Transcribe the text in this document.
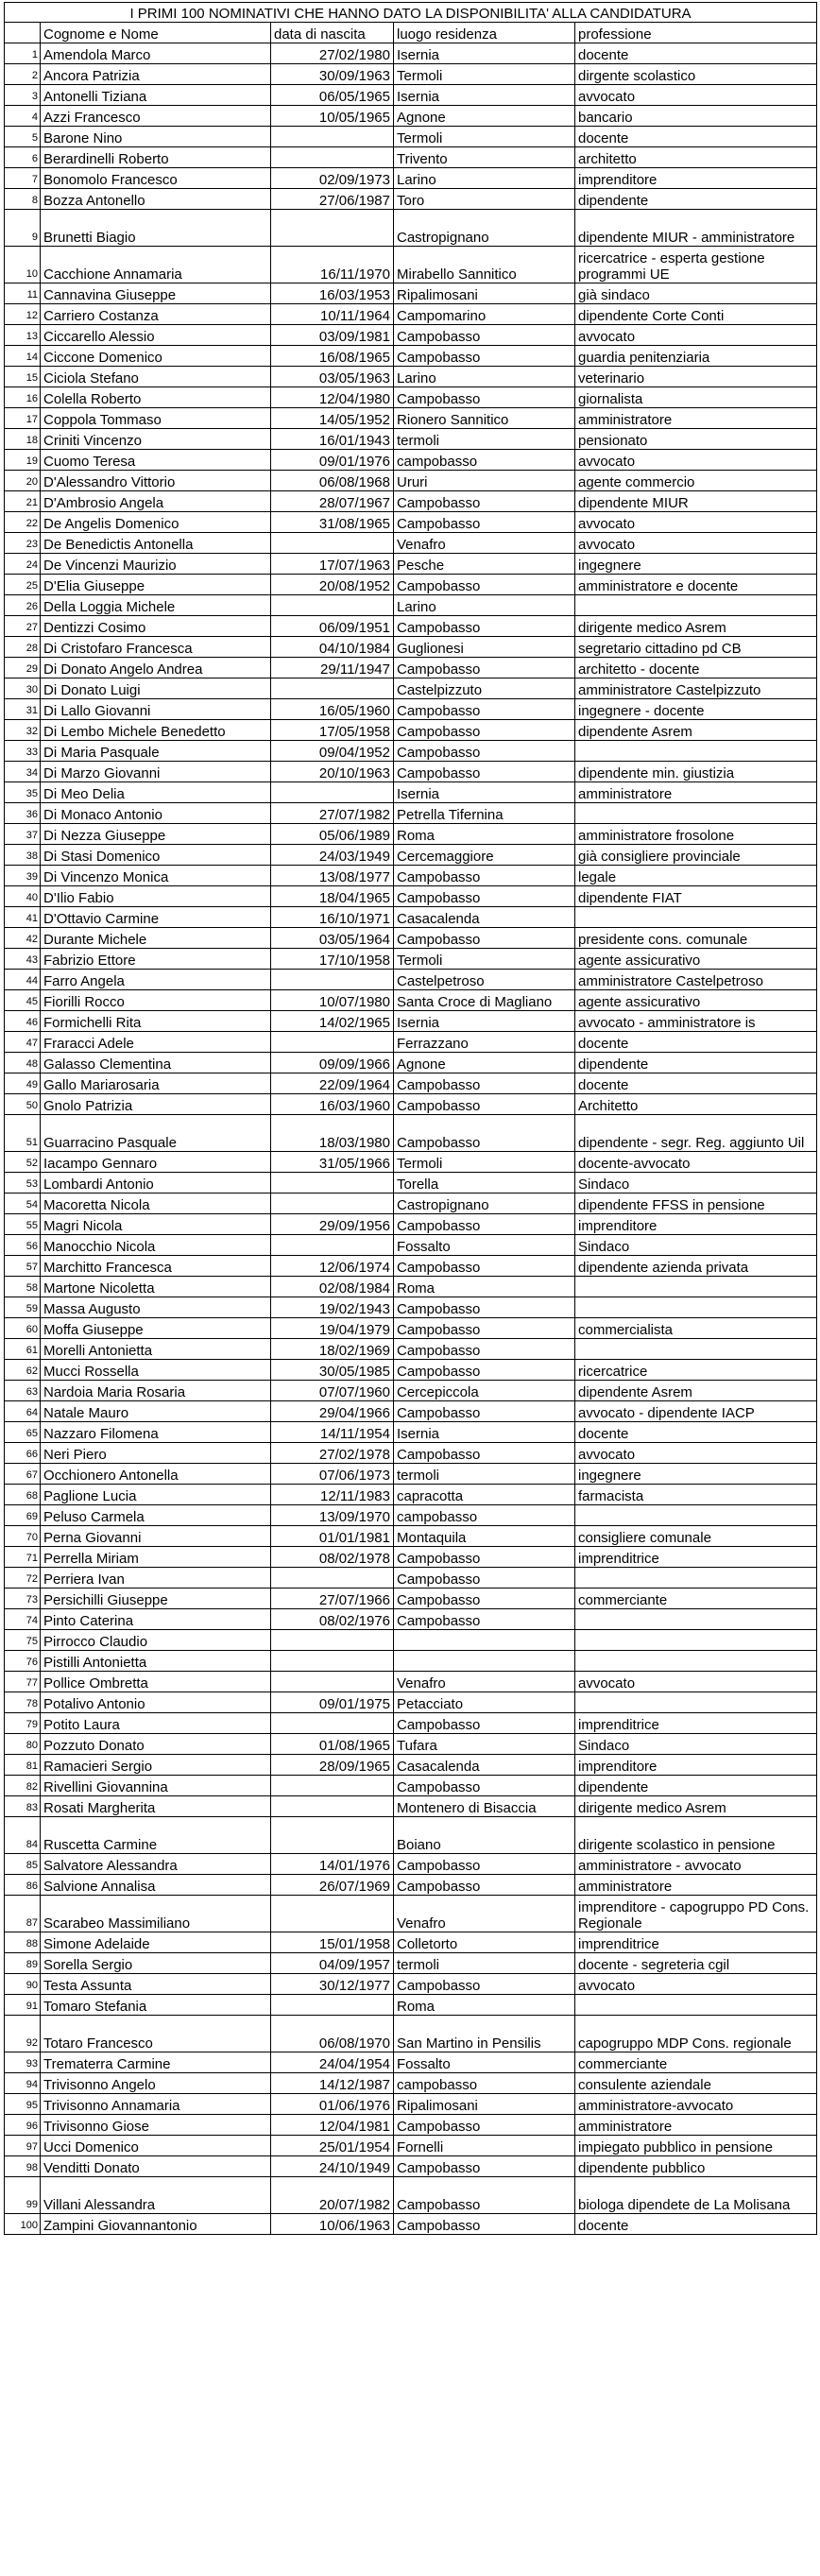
I PRIMI 100 NOMINATIVI CHE HANNO DATO LA DISPONIBILITA' ALLA CANDIDATURA				
	Cognome e Nome	data di nascita	luogo residenza	professione
1	Amendola Marco	27/02/1980	Isernia	docente
2	Ancora Patrizia	30/09/1963	Termoli	dirgente scolastico
3	Antonelli Tiziana	06/05/1965	Isernia	avvocato
4	Azzi Francesco	10/05/1965	Agnone	bancario
5	Barone Nino		Termoli	docente
6	Berardinelli Roberto		Trivento	architetto
7	Bonomolo Francesco	02/09/1973	Larino	imprenditore
8	Bozza Antonello	27/06/1987	Toro	dipendente
9	Brunetti Biagio		Castropignano	dipendente MIUR - amministratore
10	Cacchione Annamaria	16/11/1970	Mirabello Sannitico	ricercatrice - esperta gestione programmi UE
11	Cannavina Giuseppe	16/03/1953	Ripalimosani	già sindaco
12	Carriero Costanza	10/11/1964	Campomarino	dipendente Corte Conti
13	Ciccarello Alessio	03/09/1981	Campobasso	avvocato
14	Ciccone Domenico	16/08/1965	Campobasso	guardia penitenziaria
15	Ciciola Stefano	03/05/1963	Larino	veterinario
16	Colella Roberto	12/04/1980	Campobasso	giornalista
17	Coppola Tommaso	14/05/1952	Rionero Sannitico	amministratore
18	Criniti Vincenzo	16/01/1943	termoli	pensionato
19	Cuomo Teresa	09/01/1976	campobasso	avvocato
20	D'Alessandro Vittorio	06/08/1968	Ururi	agente commercio
21	D'Ambrosio Angela	28/07/1967	Campobasso	dipendente MIUR
22	De Angelis Domenico	31/08/1965	Campobasso	avvocato
23	De Benedictis Antonella		Venafro	avvocato
24	De Vincenzi Maurizio	17/07/1963	Pesche	ingegnere
25	D'Elia Giuseppe	20/08/1952	Campobasso	amministratore e docente
26	Della Loggia Michele		Larino	
27	Dentizzi Cosimo	06/09/1951	Campobasso	dirigente medico Asrem
28	Di Cristofaro Francesca	04/10/1984	Guglionesi	segretario cittadino pd CB
29	Di Donato Angelo Andrea	29/11/1947	Campobasso	architetto - docente
30	Di Donato Luigi		Castelpizzuto	amministratore Castelpizzuto
31	Di Lallo Giovanni	16/05/1960	Campobasso	ingegnere - docente
32	Di Lembo Michele Benedetto	17/05/1958	Campobasso	dipendente Asrem
33	Di Maria Pasquale	09/04/1952	Campobasso	
34	Di Marzo Giovanni	20/10/1963	Campobasso	dipendente min. giustizia
35	Di Meo Delia		Isernia	amministratore
36	Di Monaco Antonio	27/07/1982	Petrella Tifernina	
37	Di Nezza Giuseppe	05/06/1989	Roma	amministratore frosolone
38	Di Stasi Domenico	24/03/1949	Cercemaggiore	già consigliere provinciale
39	Di Vincenzo Monica	13/08/1977	Campobasso	legale
40	D'Ilio Fabio	18/04/1965	Campobasso	dipendente FIAT
41	D'Ottavio Carmine	16/10/1971	Casacalenda	
42	Durante Michele	03/05/1964	Campobasso	presidente cons. comunale
43	Fabrizio Ettore	17/10/1958	Termoli	agente assicurativo
44	Farro Angela		Castelpetroso	amministratore Castelpetroso
45	Fiorilli Rocco	10/07/1980	Santa Croce di Magliano	agente assicurativo
46	Formichelli Rita	14/02/1965	Isernia	avvocato - amministratore is
47	Fraracci Adele		Ferrazzano	docente
48	Galasso Clementina	09/09/1966	Agnone	dipendente
49	Gallo Mariarosaria	22/09/1964	Campobasso	docente
50	Gnolo Patrizia	16/03/1960	Campobasso	Architetto
51	Guarracino Pasquale	18/03/1980	Campobasso	dipendente - segr. Reg. aggiunto Uil
52	Iacampo Gennaro	31/05/1966	Termoli	docente-avvocato
53	Lombardi Antonio		Torella	Sindaco
54	Macoretta Nicola		Castropignano	dipendente FFSS in pensione
55	Magri Nicola	29/09/1956	Campobasso	imprenditore
56	Manocchio Nicola		Fossalto	Sindaco
57	Marchitto Francesca	12/06/1974	Campobasso	dipendente azienda privata
58	Martone Nicoletta	02/08/1984	Roma	
59	Massa Augusto	19/02/1943	Campobasso	
60	Moffa Giuseppe	19/04/1979	Campobasso	commercialista
61	Morelli Antonietta	18/02/1969	Campobasso	
62	Mucci Rossella	30/05/1985	Campobasso	ricercatrice
63	Nardoia Maria Rosaria	07/07/1960	Cercepiccola	dipendente Asrem
64	Natale Mauro	29/04/1966	Campobasso	avvocato - dipendente IACP
65	Nazzaro Filomena	14/11/1954	Isernia	docente
66	Neri Piero	27/02/1978	Campobasso	avvocato
67	Occhionero Antonella	07/06/1973	termoli	ingegnere
68	Paglione Lucia	12/11/1983	capracotta	farmacista
69	Peluso Carmela	13/09/1970	campobasso	
70	Perna Giovanni	01/01/1981	Montaquila	consigliere comunale
71	Perrella Miriam	08/02/1978	Campobasso	imprenditrice
72	Perriera Ivan		Campobasso	
73	Persichilli Giuseppe	27/07/1966	Campobasso	commerciante
74	Pinto Caterina	08/02/1976	Campobasso	
75	Pirrocco Claudio			
76	Pistilli Antonietta			
77	Pollice Ombretta		Venafro	avvocato
78	Potalivo Antonio	09/01/1975	Petacciato	
79	Potito Laura		Campobasso	imprenditrice
80	Pozzuto Donato	01/08/1965	Tufara	Sindaco
81	Ramacieri Sergio	28/09/1965	Casacalenda	imprenditore
82	Rivellini Giovannina		Campobasso	dipendente
83	Rosati Margherita		Montenero di Bisaccia	dirigente medico Asrem
84	Ruscetta Carmine		Boiano	dirigente scolastico in pensione
85	Salvatore Alessandra	14/01/1976	Campobasso	amministratore - avvocato
86	Salvione Annalisa	26/07/1969	Campobasso	amministratore
87	Scarabeo Massimiliano		Venafro	imprenditore - capogruppo PD Cons. Regionale
88	Simone Adelaide	15/01/1958	Colletorto	imprenditrice
89	Sorella Sergio	04/09/1957	termoli	docente - segreteria cgil
90	Testa Assunta	30/12/1977	Campobasso	avvocato
91	Tomaro Stefania		Roma	
92	Totaro Francesco	06/08/1970	San Martino in Pensilis	capogruppo MDP Cons. regionale
93	Trematerra Carmine	24/04/1954	Fossalto	commerciante
94	Trivisonno Angelo	14/12/1987	campobasso	consulente aziendale
95	Trivisonno Annamaria	01/06/1976	Ripalimosani	amministratore-avvocato
96	Trivisonno Giose	12/04/1981	Campobasso	amministratore
97	Ucci Domenico	25/01/1954	Fornelli	impiegato pubblico in pensione
98	Venditti Donato	24/10/1949	Campobasso	dipendente pubblico
99	Villani Alessandra	20/07/1982	Campobasso	biologa dipendete de La Molisana
100	Zampini Giovannantonio	10/06/1963	Campobasso	docente
